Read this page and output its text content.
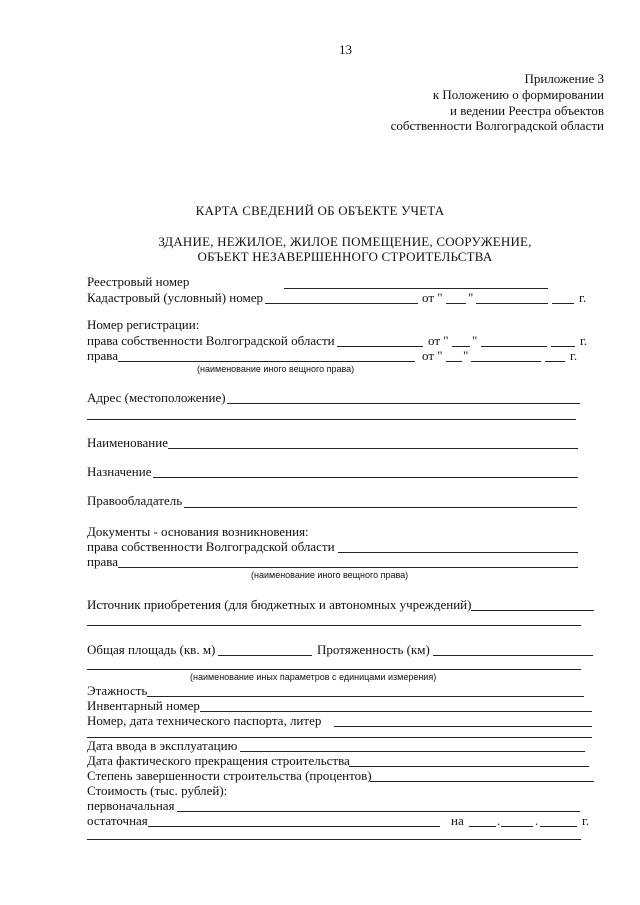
13
Приложение 3
к Положению о формировании
и ведении Реестра объектов
собственности Волгоградской области
КАРТА СВЕДЕНИЙ ОБ ОБЪЕКТЕ УЧЕТА
ЗДАНИЕ, НЕЖИЛОЕ, ЖИЛОЕ ПОМЕЩЕНИЕ, СООРУЖЕНИЕ,
ОБЪЕКТ НЕЗАВЕРШЕННОГО СТРОИТЕЛЬСТВА
Реестровый номер
Кадастровый (условный) номер	от " "	г.
Номер регистрации:
права собственности Волгоградской области	от " "	г.
права	от " "	г.
(наименование иного вещного права)
Адрес (местоположение)
Наименование
Назначение
Правообладатель
Документы - основания возникновения:
права собственности Волгоградской области
права
(наименование иного вещного права)
Источник приобретения (для бюджетных и автономных учреждений)
Общая площадь (кв. м)	Протяженность (км)
(наименование иных параметров с единицами измерения)
Этажность
Инвентарный номер
Номер, дата технического паспорта, литер
Дата ввода в эксплуатацию
Дата фактического прекращения строительства
Степень завершенности строительства (процентов)
Стоимость (тыс. рублей):
первоначальная
остаточная	на	.	.	г.
